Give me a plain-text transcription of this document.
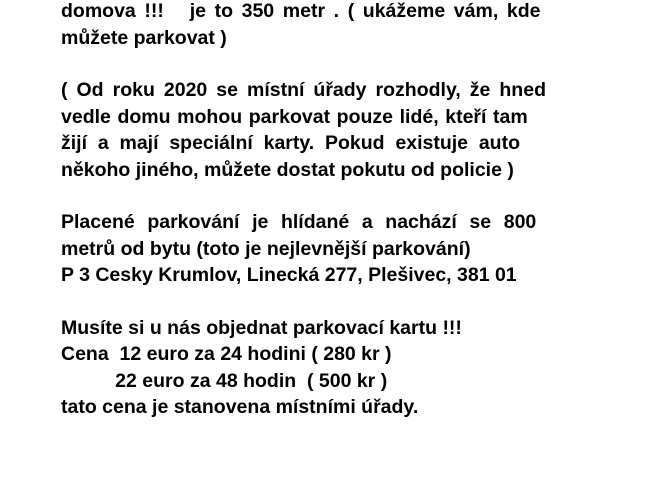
domova !!!   je to 350 metr . ( ukážeme vám, kde
můžete parkovat )
( Od roku 2020 se místní úřady rozhodly, že hned
vedle domu mohou parkovat pouze lidé, kteří tam
žijí a mají speciální karty. Pokud existuje auto
někoho jiného, můžete dostat pokutu od policie )
Placené parkování je hlídané a nachází se 800
metrů od bytu (toto je nejlevnější parkování)
P 3 Cesky Krumlov, Linecká 277, Plešivec, 381 01
Musíte si u nás objednat parkovací kartu !!!
Cena  12 euro za 24 hodini ( 280 kr )
22 euro za 48 hodin  ( 500 kr )
tato cena je stanovena místními úřady.
